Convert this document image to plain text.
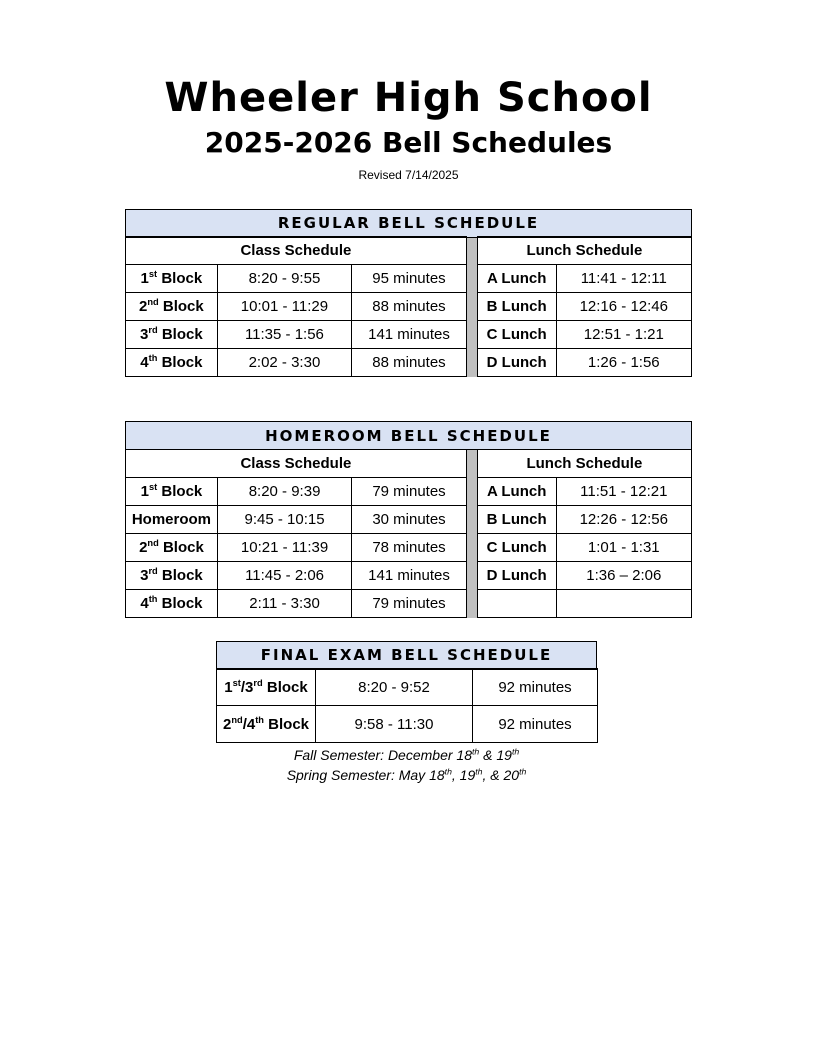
Wheeler High School
2025-2026 Bell Schedules
Revised 7/14/2025
REGULAR BELL SCHEDULE
Class Schedule		
1st Block	8:20 - 9:55	95 minutes
2nd Block	10:01 - 11:29	88 minutes
3rd Block	11:35 - 1:56	141 minutes
4th Block	2:02 - 3:30	88 minutes
Lunch Schedule	
A Lunch	11:41 - 12:11
B Lunch	12:16 - 12:46
C Lunch	12:51 - 1:21
D Lunch	1:26 - 1:56
HOMEROOM BELL SCHEDULE
Class Schedule		
1st Block	8:20 - 9:39	79 minutes
Homeroom	9:45 - 10:15	30 minutes
2nd Block	10:21 - 11:39	78 minutes
3rd Block	11:45 - 2:06	141 minutes
4th Block	2:11 - 3:30	79 minutes
Lunch Schedule	
A Lunch	11:51 - 12:21
B Lunch	12:26 - 12:56
C Lunch	1:01 - 1:31
D Lunch	1:36 – 2:06

FINAL EXAM BELL SCHEDULE
1st/3rd Block	8:20 - 9:52	92 minutes
2nd/4th Block	9:58 - 11:30	92 minutes
Fall Semester: December 18th & 19th
Spring Semester: May 18th, 19th, & 20th
